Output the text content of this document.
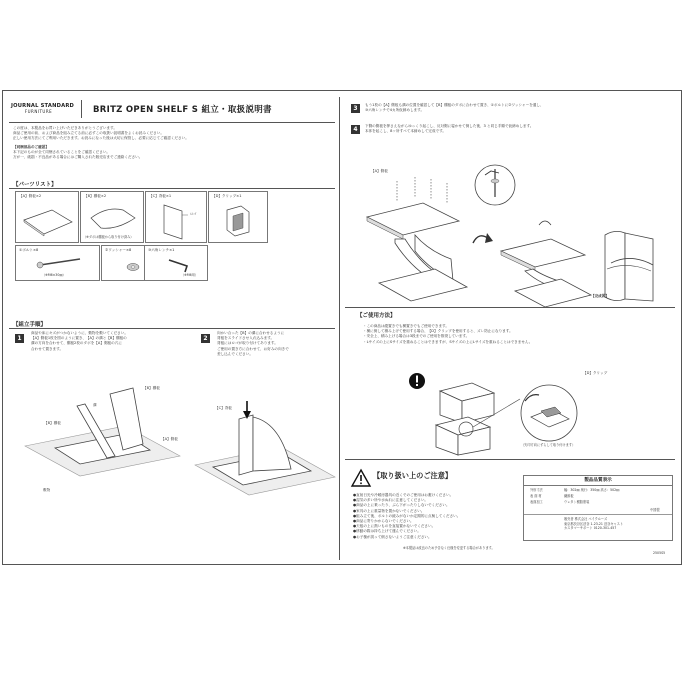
JOURNAL STANDARD
FURNITURE	BRITZ OPEN SHELF S 組立・取扱説明書
この度は、本製品をお買い上げいただきありがとうございます。
商品ご使用の前、および商品を組み立てる前に必ずこの取扱い説明書をよくお読みください。
正しい使用方法にてご利用いただきます。お読みになった後は大切に保管し、必要に応じてご確認ください。
【同梱部品のご確認】
本下記のものが全て同梱されていることをご確認ください。
万が一、破損・不良品がある場合にはご購入された販売店までご連絡ください。
【パーツリスト】
【A】側板×2	【B】棚板×2
（※ダボは棚板から取り付け済み）
【C】背板×1
ロゴ
【D】クリップ×1
①ボルト×8
（※M6×30㎜）
②ワッシャー×8	③六角レンチ×1
（※M6用）
【組立手順】
1
商品や床にキズがつかないように、敷物を敷いてください。
【A】側板1枚を図のように置き、【A】の溝と【B】棚板の
溝の方向を合わせて、棚板2枚のダボを【A】側板の穴に
合わせて置きます。
2
向かい合った【B】の溝に合わせるように
背板をスライドさせ入れ込みます。
背板にはロゴが取り付けてあります。
ご使用の置き方に合わせて、お好みの向きで
差し込んでください。
【B】棚板
溝
【B】棚板
【A】側板
敷物
【C】背板
3	もう1枚の【A】側板も溝の位置を確認して【B】棚板のダボに合わせて置き、①ボルトに②ワッシャーを通し、
③六角レンチで4カ所仮締めします。
4	下側の側板を押さえながらゆっくり起こし、反対側に寝かせて倒した後、3 と同じ手順で仮締めします。
本体を起こし、8ヶ所すべて本締めして完成です。
【A】側板
【完成図】
【ご使用方法】
・この商品は縦置きでも横置きでもご使用できます。
・横に倒して積み上げて使用する場合、【D】クリップを使用すると、ズレ防止になります。
・安全上、積み上げる場合は3段までのご使用を推奨しています。
・Lサイズの上にSサイズを重ねることはできますが、Sサイズの上にLサイズを重ねることはできません。
【D】クリップ
（矢印方向にずらして取り付けます）
【取り扱い上のご注意】
●直射日光や冷暖房器具の近くでのご使用はお避けください。
●湿気の多い所や水ぬれに注意してください。
●商品の上に乗ったり、ぶら下がったりしないでください。
●家具の上に重量物を置かないでください。
●組み立て後、ボルトの緩みがないか定期的に点検してください。
●商品に寄りかからないでください。
●天板の上に熱いものを直接置かないでください。
●移動の際は持ち上げて運んでください。
●お子様が誤って倒さないようご注意ください。
※本製品は改良のため予告なく仕様を変更する場合があります。
製品品質表示
外形寸法	幅：302㎜ 奥行：350㎜ 高さ：502㎜
表 面 材	繊維板
表面加工	ウレタン樹脂塗装
中国製
販売者 株式会社 ベイクルーズ
東京都渋谷区渋谷 1-23-21 渋谷キャスト
カスタマーサポート 0120-301-457
2505S5
